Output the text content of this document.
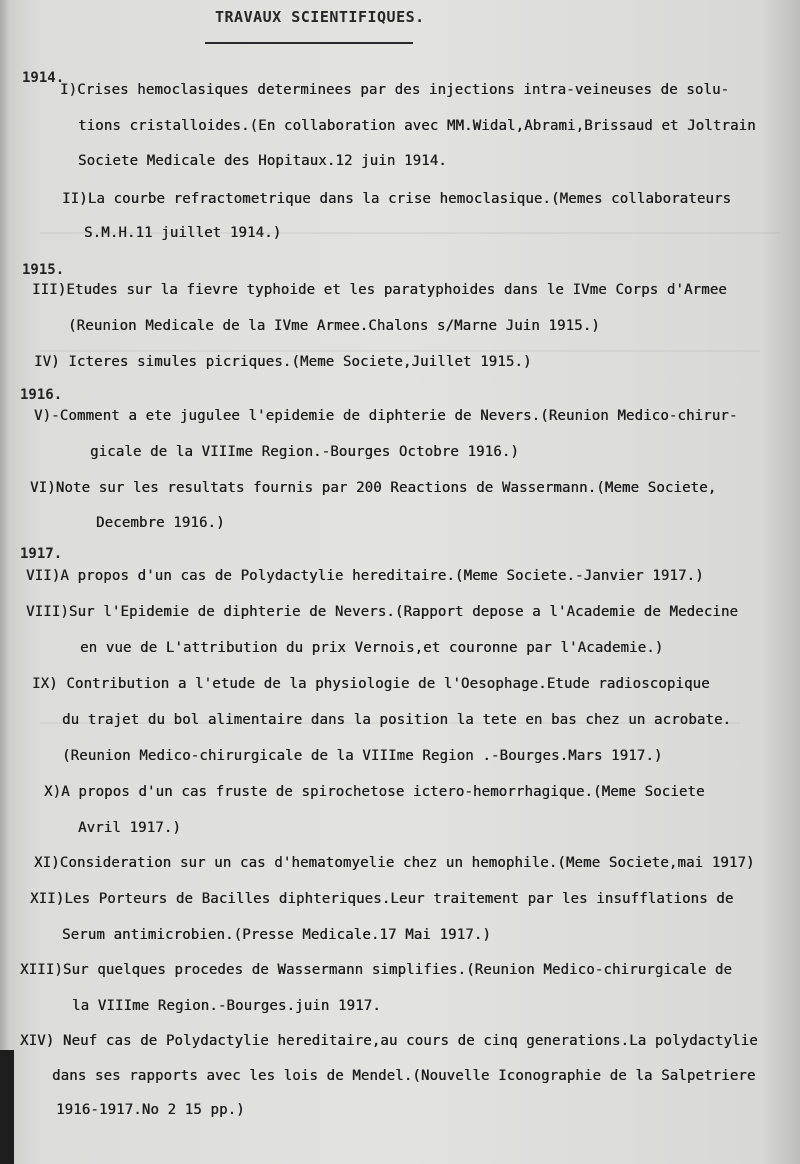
TRAVAUX SCIENTIFIQUES.
1914.
1915.
1916.
1917.
I)Crises hemoclasiques determinees par des injections intra-veineuses de solu-
tions cristalloides.(En collaboration avec MM.Widal,Abrami,Brissaud et Joltrain
Societe Medicale des Hopitaux.12 juin 1914.
II)La courbe refractometrique dans la crise hemoclasique.(Memes collaborateurs
S.M.H.11 juillet 1914.)
III)Etudes sur la fievre typhoide et les paratyphoides dans le IVme Corps d'Armee
(Reunion Medicale de la IVme Armee.Chalons s/Marne Juin 1915.)
IV) Icteres simules picriques.(Meme Societe,Juillet 1915.)
V)-Comment a ete jugulee l'epidemie de diphterie de Nevers.(Reunion Medico-chirur-
gicale de la VIIIme Region.-Bourges Octobre 1916.)
VI)Note sur les resultats fournis par 200 Reactions de Wassermann.(Meme Societe,
Decembre 1916.)
VII)A propos d'un cas de Polydactylie hereditaire.(Meme Societe.-Janvier 1917.)
VIII)Sur l'Epidemie de diphterie de Nevers.(Rapport depose a l'Academie de Medecine
en vue de L'attribution du prix Vernois,et couronne par l'Academie.)
IX) Contribution a l'etude de la physiologie de l'Oesophage.Etude radioscopique
du trajet du bol alimentaire dans la position la tete en bas chez un acrobate.
(Reunion Medico-chirurgicale de la VIIIme Region .-Bourges.Mars 1917.)
X)A propos d'un cas fruste de spirochetose ictero-hemorrhagique.(Meme Societe
Avril 1917.)
XI)Consideration sur un cas d'hematomyelie chez un hemophile.(Meme Societe,mai 1917)
XII)Les Porteurs de Bacilles diphteriques.Leur traitement par les insufflations de
Serum antimicrobien.(Presse Medicale.17 Mai 1917.)
XIII)Sur quelques procedes de Wassermann simplifies.(Reunion Medico-chirurgicale de
la VIIIme Region.-Bourges.juin 1917.
XIV) Neuf cas de Polydactylie hereditaire,au cours de cinq generations.La polydactylie
dans ses rapports avec les lois de Mendel.(Nouvelle Iconographie de la Salpetriere
1916-1917.No 2 15 pp.)
